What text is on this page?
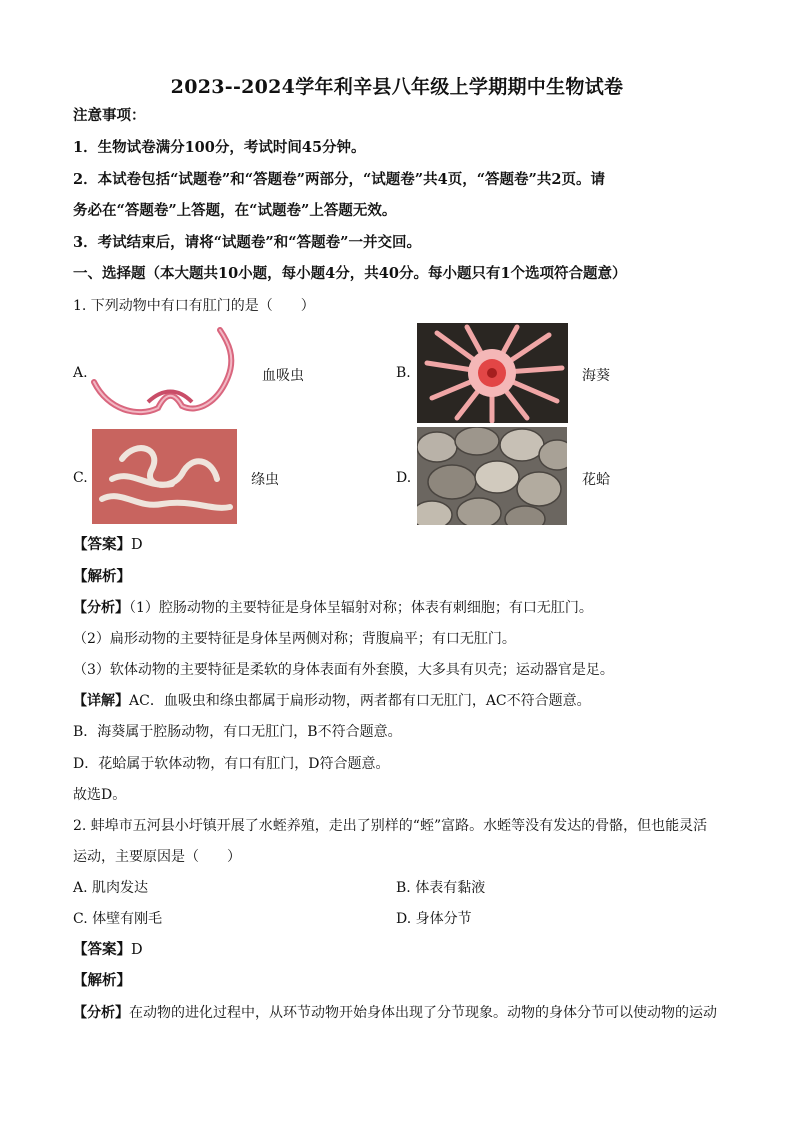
2023--2024学年利辛县八年级上学期期中生物试卷
注意事项：
1．生物试卷满分100分，考试时间45分钟。
2．本试卷包括“试题卷”和“答题卷”两部分，“试题卷”共4页，“答题卷”共2页。请
务必在“答题卷”上答题，在“试题卷”上答题无效。
3．考试结束后，请将“试题卷”和“答题卷”一并交回。
一、选择题（本大题共10小题，每小题4分，共40分。每小题只有1个选项符合题意）
1. 下列动物中有口有肛门的是（　　）
A.	血吸虫	B.	海葵
C.	绦虫	D.	花蛤
【答案】D
【解析】
【分析】（1）腔肠动物的主要特征是身体呈辐射对称；体表有刺细胞；有口无肛门。
（2）扁形动物的主要特征是身体呈两侧对称；背腹扁平；有口无肛门。
（3）软体动物的主要特征是柔软的身体表面有外套膜，大多具有贝壳；运动器官是足。
【详解】AC．血吸虫和绦虫都属于扁形动物，两者都有口无肛门，AC不符合题意。
B．海葵属于腔肠动物，有口无肛门，B不符合题意。
D．花蛤属于软体动物，有口有肛门，D符合题意。
故选D。
2. 蚌埠市五河县小圩镇开展了水蛭养殖，走出了别样的“蛭”富路。水蛭等没有发达的骨骼，但也能灵活
运动，主要原因是（　　）
A. 肌肉发达	B. 体表有黏液
C. 体壁有刚毛	D. 身体分节
【答案】D
【解析】
【分析】在动物的进化过程中，从环节动物开始身体出现了分节现象。动物的身体分节可以使动物的运动
